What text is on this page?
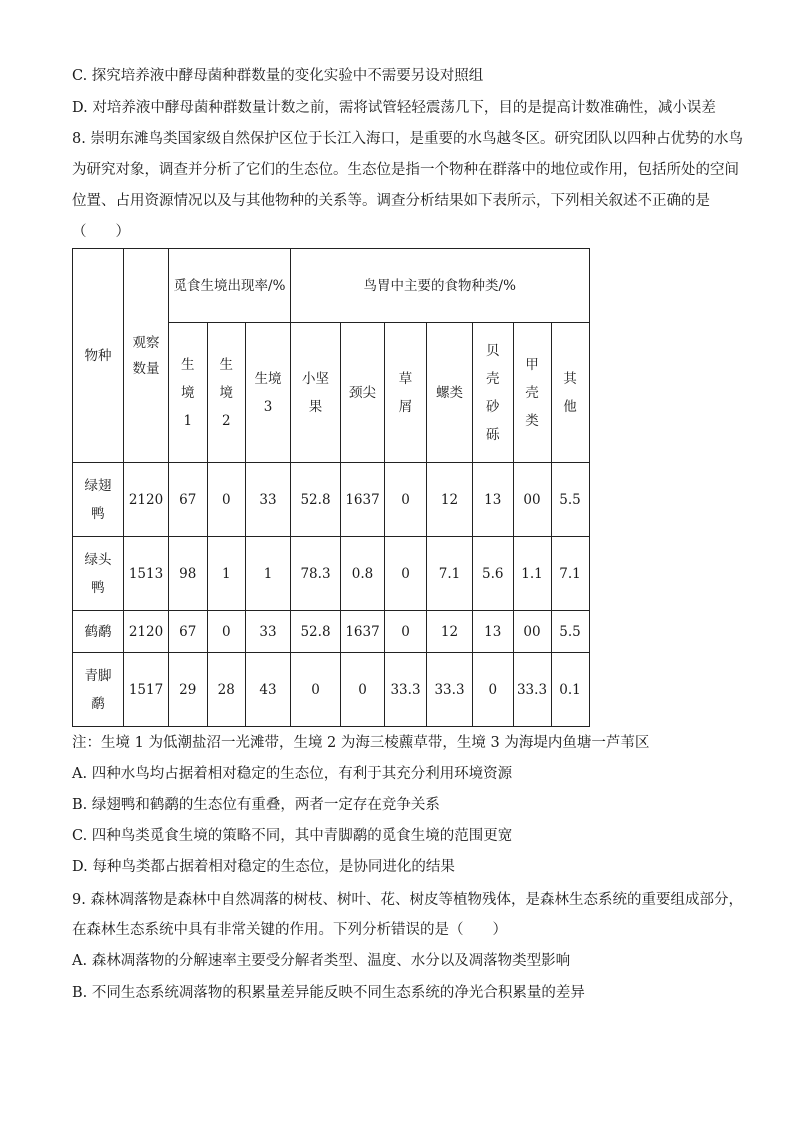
C. 探究培养液中酵母菌种群数量的变化实验中不需要另设对照组
D. 对培养液中酵母菌种群数量计数之前，需将试管轻轻震荡几下，目的是提高计数准确性，减小误差
8. 崇明东滩鸟类国家级自然保护区位于长江入海口，是重要的水鸟越冬区。研究团队以四种占优势的水鸟
为研究对象，调查并分析了它们的生态位。生态位是指一个物种在群落中的地位或作用，包括所处的空间
位置、占用资源情况以及与其他物种的关系等。调查分析结果如下表所示，下列相关叙述不正确的是
（　　）
物种	观察数量	觅食生境出现率/%			鸟胃中主要的食物种类/%						
		生境1	生境2	生境3	小坚果	颈尖	草屑	螺类	贝壳砂砾	甲壳类	其他
绿翅鸭	2120	67	0	33	52.8	1637	0	12	13	00	5.5
绿头鸭	1513	98	1	1	78.3	0.8	0	7.1	5.6	1.1	7.1
鹤鹬	2120	67	0	33	52.8	1637	0	12	13	00	5.5
青脚鹬	1517	29	28	43	0	0	33.3	33.3	0	33.3	0.1
注：生境 1 为低潮盐沼一光滩带，生境 2 为海三棱藨草带，生境 3 为海堤内鱼塘一芦苇区
A. 四种水鸟均占据着相对稳定的生态位，有利于其充分利用环境资源
B. 绿翅鸭和鹤鹬的生态位有重叠，两者一定存在竞争关系
C. 四种鸟类觅食生境的策略不同，其中青脚鹬的觅食生境的范围更宽
D. 每种鸟类都占据着相对稳定的生态位，是协同进化的结果
9. 森林凋落物是森林中自然凋落的树枝、树叶、花、树皮等植物残体，是森林生态系统的重要组成部分，
在森林生态系统中具有非常关键的作用。下列分析错误的是（　　）
A. 森林凋落物的分解速率主要受分解者类型、温度、水分以及凋落物类型影响
B. 不同生态系统凋落物的积累量差异能反映不同生态系统的净光合积累量的差异
